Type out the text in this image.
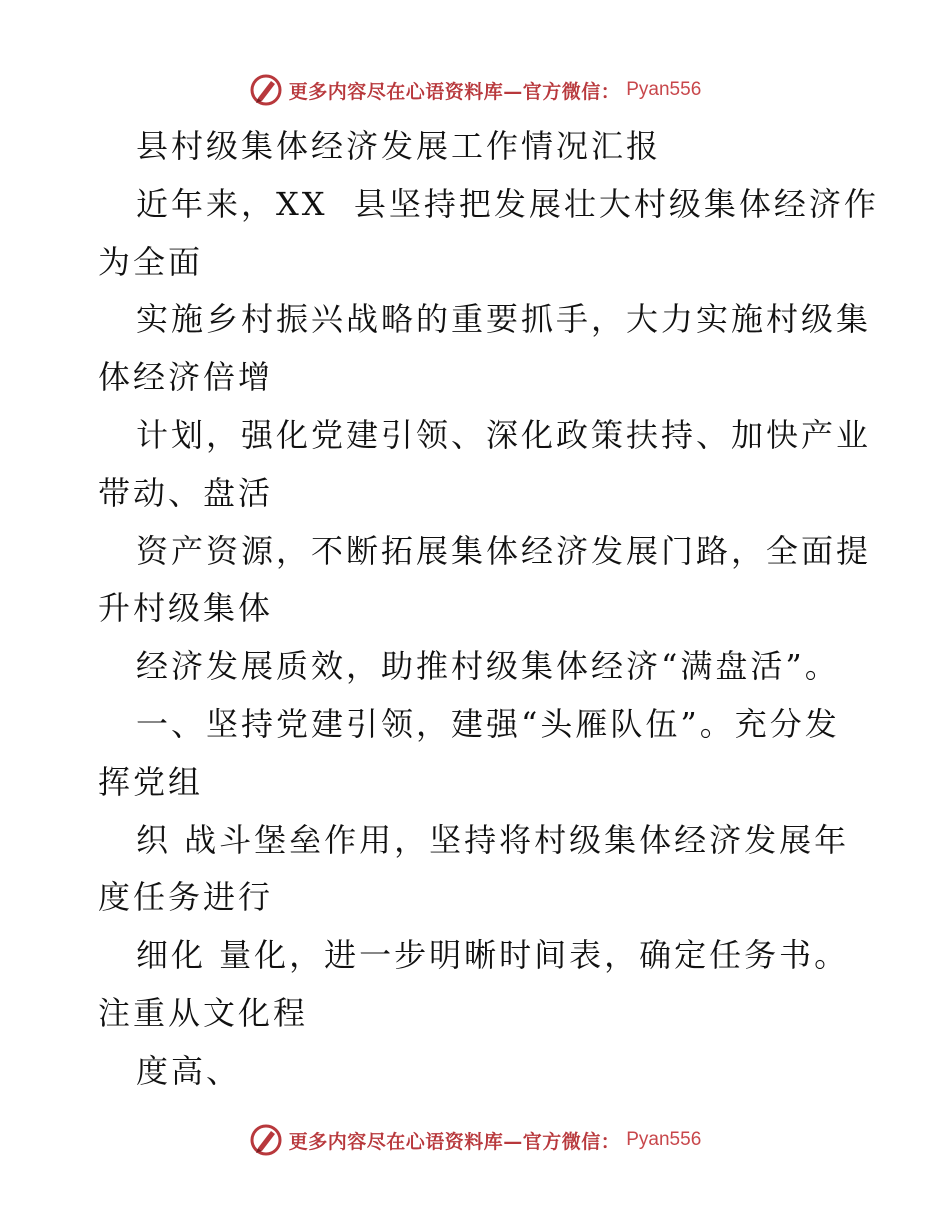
更多内容尽在心语资料库—官方微信： Pyan556
县村级集体经济发展工作情况汇报
近年来，XX  县坚持把发展壮大村级集体经济作
为全面
实施乡村振兴战略的重要抓手，大力实施村级集
体经济倍增
计划，强化党建引领、深化政策扶持、加快产业
带动、盘活
资产资源，不断拓展集体经济发展门路，全面提
升村级集体
经济发展质效，助推村级集体经济“满盘活”。
一、坚持党建引领，建强“头雁队伍”。充分发
挥党组
织 战斗堡垒作用，坚持将村级集体经济发展年
度任务进行
细化 量化，进一步明晰时间表，确定任务书。
注重从文化程
度高、
更多内容尽在心语资料库—官方微信： Pyan556
